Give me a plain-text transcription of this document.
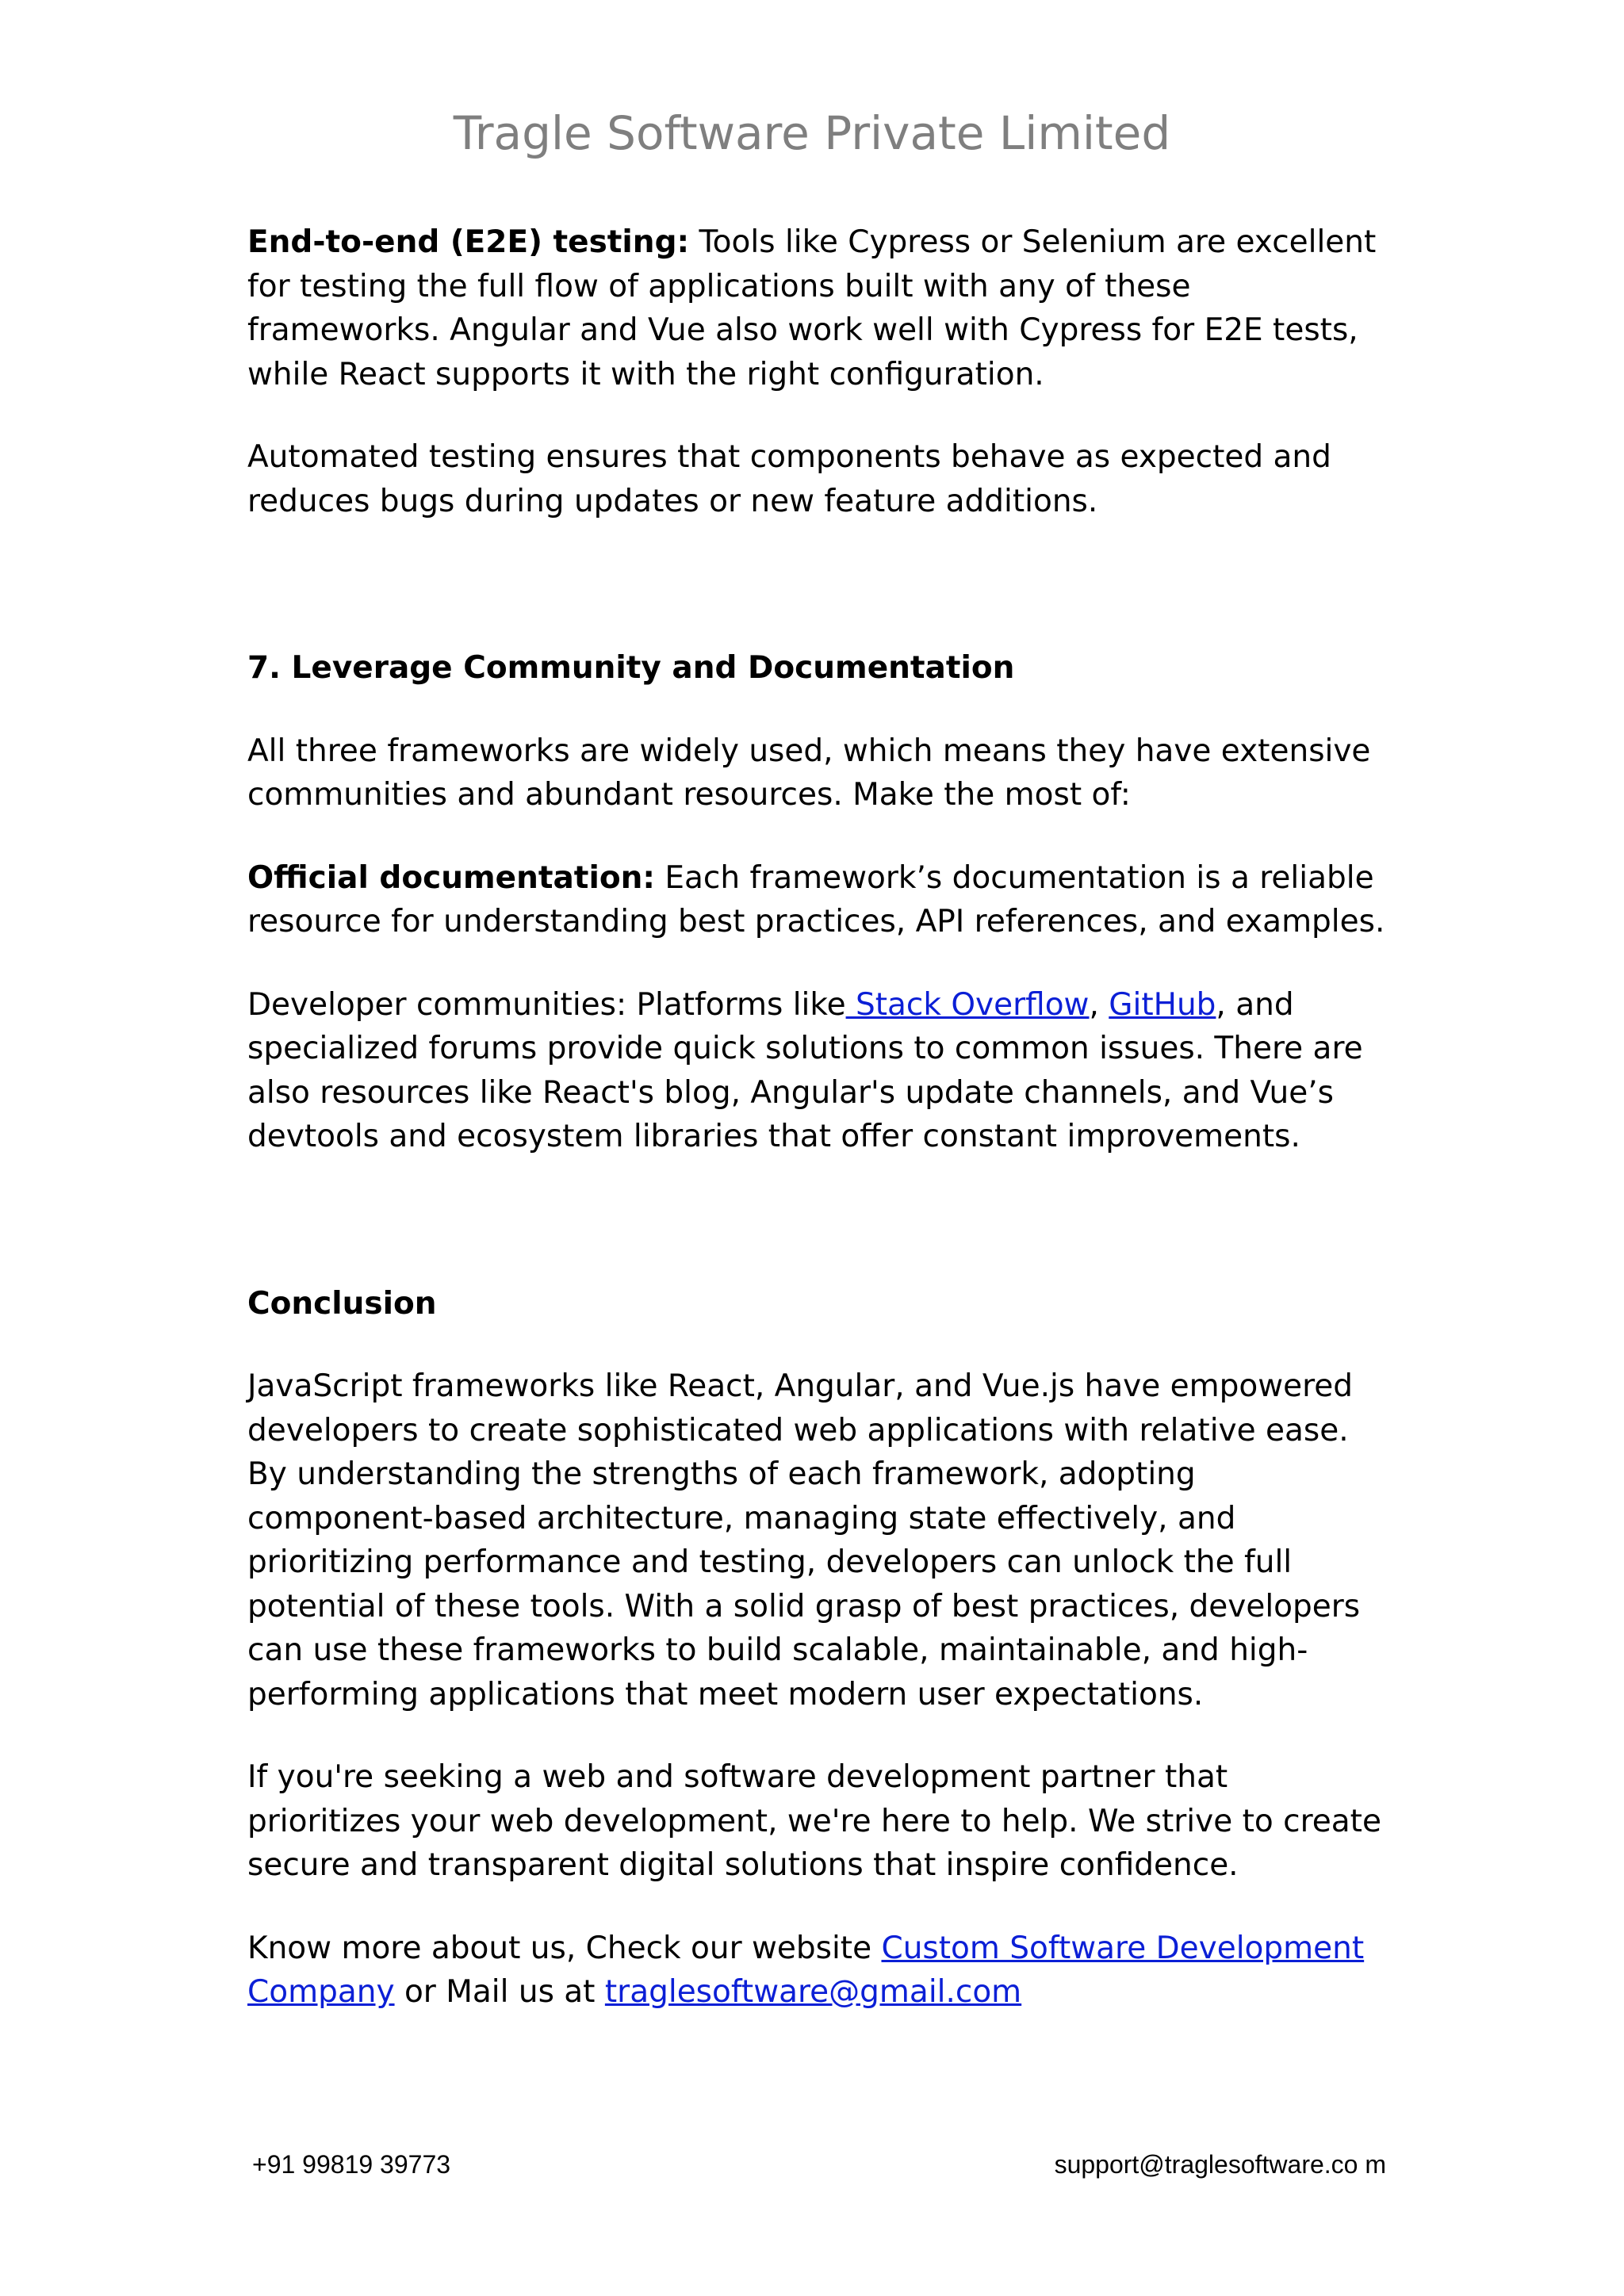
Tragle Software Private Limited

End-to-end (E2E) testing: Tools like Cypress or Selenium are excellent for testing the full flow of applications built with any of these frameworks. Angular and Vue also work well with Cypress for E2E tests, while React supports it with the right configuration.

Automated testing ensures that components behave as expected and reduces bugs during updates or new feature additions.

7. Leverage Community and Documentation

All three frameworks are widely used, which means they have extensive communities and abundant resources. Make the most of:

Official documentation: Each framework’s documentation is a reliable resource for understanding best practices, API references, and examples.

Developer communities: Platforms like Stack Overflow, GitHub, and specialized forums provide quick solutions to common issues. There are also resources like React's blog, Angular's update channels, and Vue’s devtools and ecosystem libraries that offer constant improvements.

Conclusion

JavaScript frameworks like React, Angular, and Vue.js have empowered developers to create sophisticated web applications with relative ease. By understanding the strengths of each framework, adopting component-based architecture, managing state effectively, and prioritizing performance and testing, developers can unlock the full potential of these tools. With a solid grasp of best practices, developers can use these frameworks to build scalable, maintainable, and high-performing applications that meet modern user expectations.

If you're seeking a web and software development partner that prioritizes your web development, we're here to help. We strive to create secure and transparent digital solutions that inspire confidence.

Know more about us, Check our website Custom Software Development Company or Mail us at traglesoftware@gmail.com

+91 99819 39773	support@traglesoftware.co m
